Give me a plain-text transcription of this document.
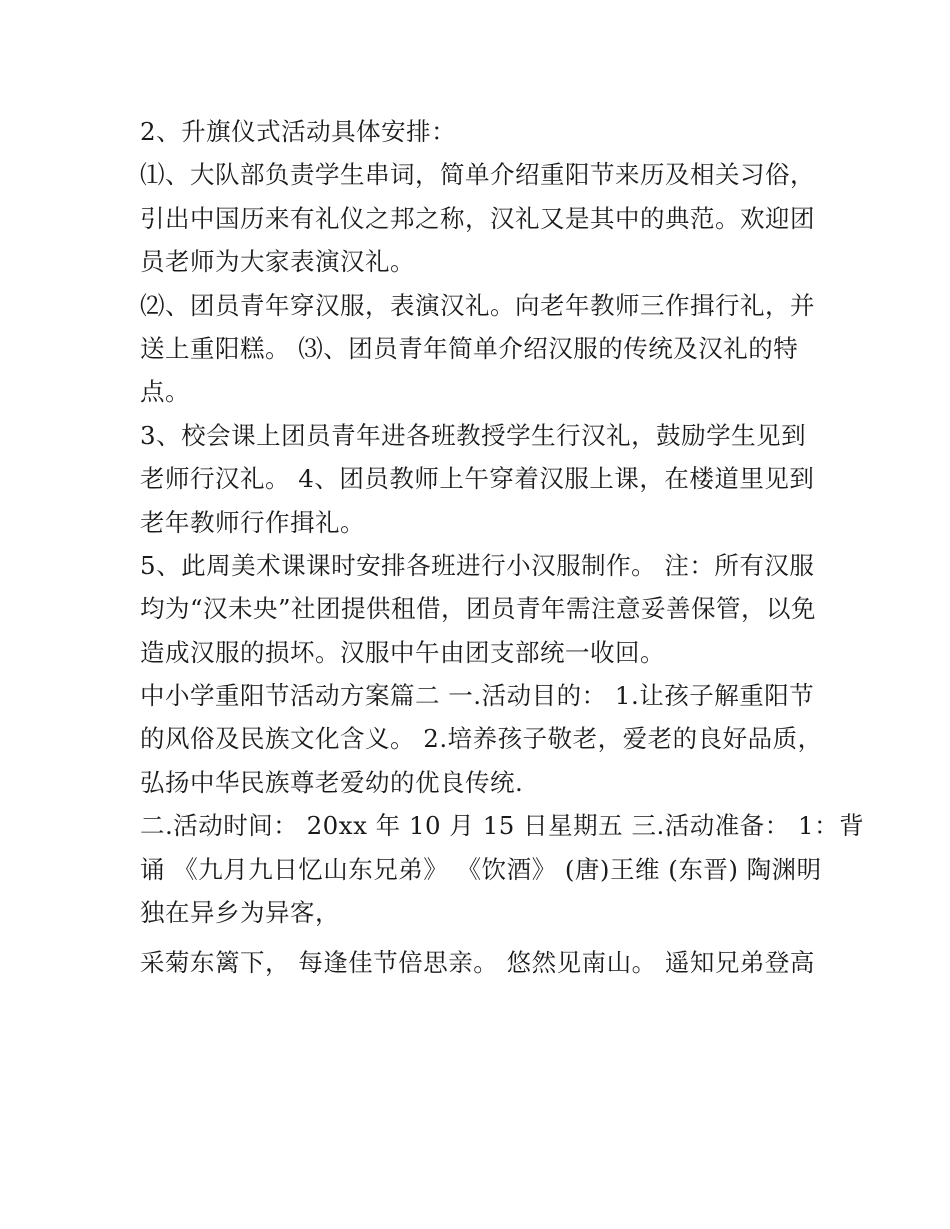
2、升旗仪式活动具体安排：
⑴、大队部负责学生串词，简单介绍重阳节来历及相关习俗，
引出中国历来有礼仪之邦之称，汉礼又是其中的典范。欢迎团
员老师为大家表演汉礼。
⑵、团员青年穿汉服，表演汉礼。向老年教师三作揖行礼，并
送上重阳糕。 ⑶、团员青年简单介绍汉服的传统及汉礼的特
点。
3、校会课上团员青年进各班教授学生行汉礼，鼓励学生见到
老师行汉礼。 4、团员教师上午穿着汉服上课，在楼道里见到
老年教师行作揖礼。
5、此周美术课课时安排各班进行小汉服制作。 注：所有汉服
均为“汉未央”社团提供租借，团员青年需注意妥善保管，以免
造成汉服的损坏。汉服中午由团支部统一收回。
中小学重阳节活动方案篇二 一.活动目的： 1.让孩子解重阳节
的风俗及民族文化含义。 2.培养孩子敬老，爱老的良好品质，
弘扬中华民族尊老爱幼的优良传统.
二.活动时间： 20xx 年 10 月 15 日星期五 三.活动准备： 1：背
诵 《九月九日忆山东兄弟》 《饮酒》 (唐)王维 (东晋) 陶渊明
独在异乡为异客，
采菊东篱下， 每逢佳节倍思亲。 悠然见南山。 遥知兄弟登高
